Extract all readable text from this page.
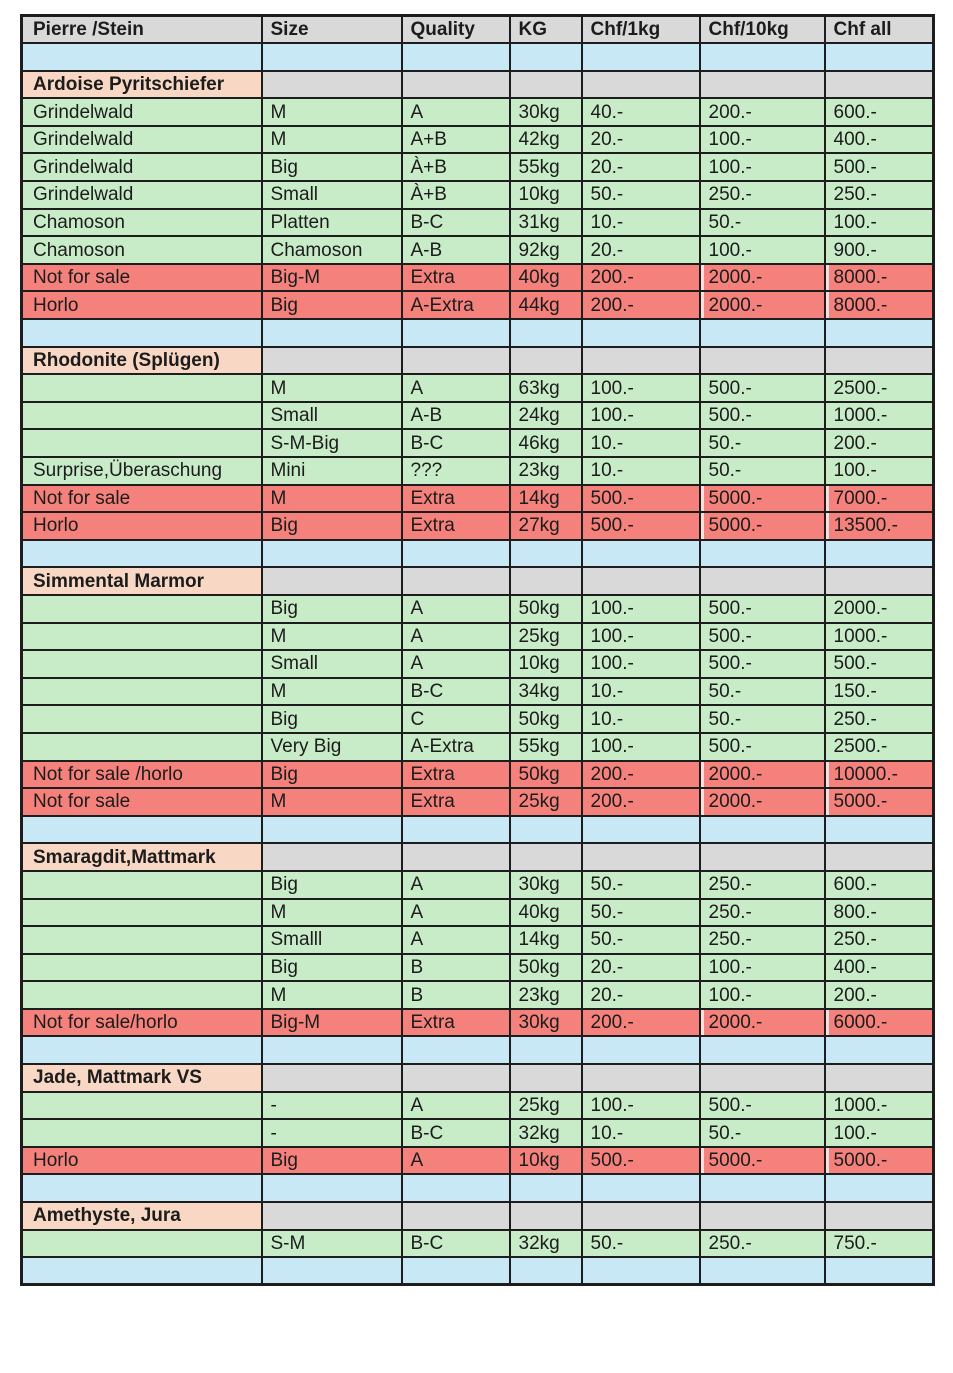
Pierre /Stein	Size	Quality	KG	Chf/1kg	Chf/10kg	Chf all

Ardoise Pyritschiefer						
Grindelwald	M	A	30kg	40.-	200.-	600.-
Grindelwald	M	A+B	42kg	20.-	100.-	400.-
Grindelwald	Big	À+B	55kg	20.-	100.-	500.-
Grindelwald	Small	À+B	10kg	50.-	250.-	250.-
Chamoson	Platten	B-C	31kg	10.-	50.-	100.-
Chamoson	Chamoson	A-B	92kg	20.-	100.-	900.-
Not for sale	Big-M	Extra	40kg	200.-	2000.-	8000.-
Horlo	Big	A-Extra	44kg	200.-	2000.-	8000.-

Rhodonite (Splügen)						
	M	A	63kg	100.-	500.-	2500.-
	Small	A-B	24kg	100.-	500.-	1000.-
	S-M-Big	B-C	46kg	10.-	50.-	200.-
Surprise,Überaschung	Mini	???	23kg	10.-	50.-	100.-
Not for sale	M	Extra	14kg	500.-	5000.-	7000.-
Horlo	Big	Extra	27kg	500.-	5000.-	13500.-

Simmental Marmor						
	Big	A	50kg	100.-	500.-	2000.-
	M	A	25kg	100.-	500.-	1000.-
	Small	A	10kg	100.-	500.-	500.-
	M	B-C	34kg	10.-	50.-	150.-
	Big	C	50kg	10.-	50.-	250.-
	Very Big	A-Extra	55kg	100.-	500.-	2500.-
Not for sale /horlo	Big	Extra	50kg	200.-	2000.-	10000.-
Not for sale	M	Extra	25kg	200.-	2000.-	5000.-

Smaragdit,Mattmark						
	Big	A	30kg	50.-	250.-	600.-
	M	A	40kg	50.-	250.-	800.-
	Smalll	A	14kg	50.-	250.-	250.-
	Big	B	50kg	20.-	100.-	400.-
	M	B	23kg	20.-	100.-	200.-
Not for sale/horlo	Big-M	Extra	30kg	200.-	2000.-	6000.-

Jade, Mattmark VS						
	-	A	25kg	100.-	500.-	1000.-
	-	B-C	32kg	10.-	50.-	100.-
Horlo	Big	A	10kg	500.-	5000.-	5000.-

Amethyste, Jura						
	S-M	B-C	32kg	50.-	250.-	750.-
